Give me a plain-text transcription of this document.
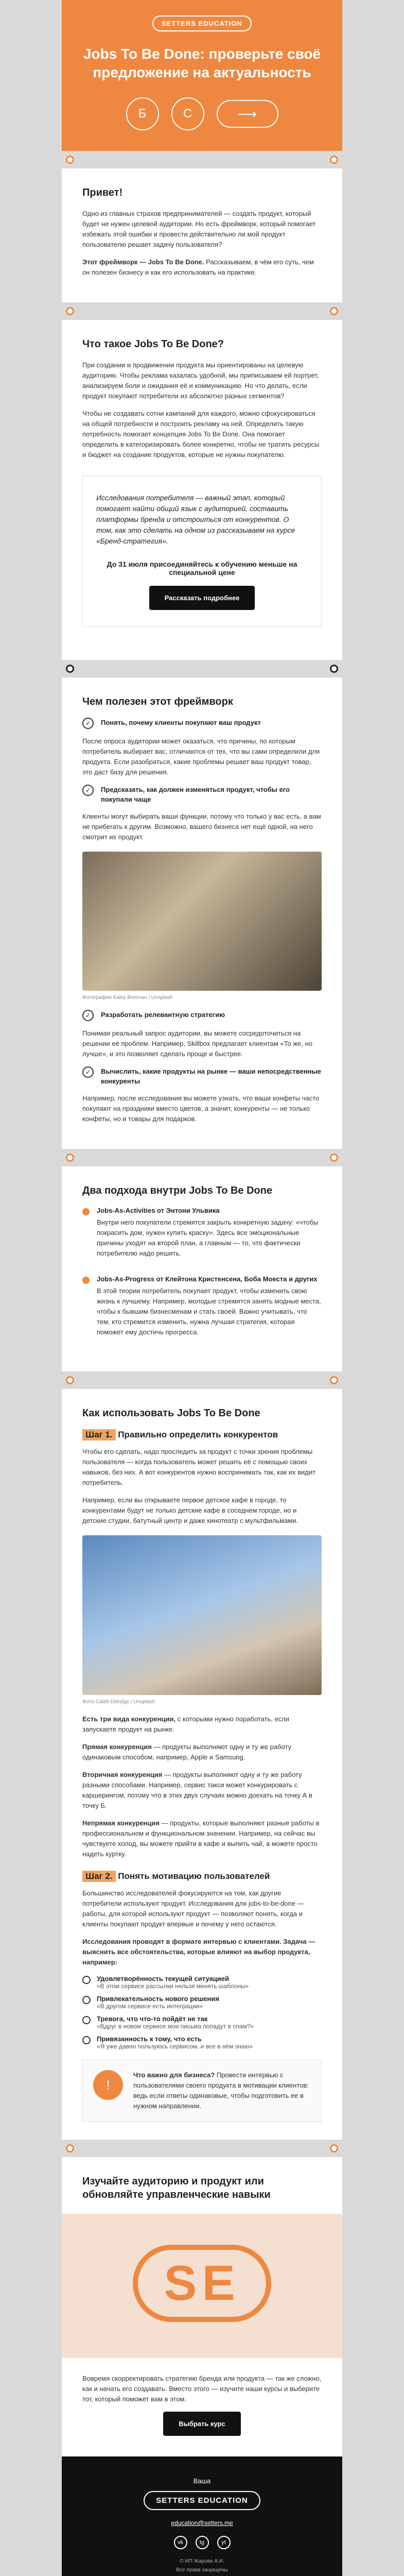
SETTERS EDUCATION
Jobs To Be Done: проверьте своё предложение на актуальность
Б	С	⟶
Привет!

Одно из главных страхов предпринимателей — создать продукт, который будет не нужен целевой аудитории. Но есть фреймворк, который помогает избежать этой ошибки и провести действительно ли мой продукт пользователю решает задачу пользователя?

Этот фреймворк — Jobs To Be Done. Рассказываем, в чём его суть, чем он полезен бизнесу и как его использовать на практике.

Что такое Jobs To Be Done?

При создании и продвижении продукта мы ориентированы на целевую аудиторию. Чтобы реклама казалась удобной, мы приписываем ей портрет, анализируем боли и ожидания её и коммуникацию. Но что делать, если продукт покупают потребители из абсолютно разных сегментов?

Чтобы не создавать сотни кампаний для каждого, можно сфокусироваться на общей потребности и построить рекламу на ней. Определить такую потребность помогает концепция Jobs To Be Done. Она помогает определить в категоризировать более конкретно, чтобы не тратить ресурсы и бюджет на создание продуктов, которые не нужны покупателю.

Исследования потребителя — важный этап, который помогает найти общий язык с аудиторией, составить платформы бренда и отстроиться от конкурентов. О том, как это сделать на одном из рассказываем на курсе «Бренд-стратегия».
До 31 июля присоединяйтесь к обучению меньше на специальной цене
Рассказать подробнее
Чем полезен этот фреймворк
✓	Понять, почему клиенты покупают ваш продукт

После опроса аудитории может оказаться, что причины, по которым потребитель выбирает вас, отличаются от тех, что вы сами определили для продукта. Если разобраться, какие проблемы решает ваш продукт товар, это даст базу для решения.

✓	Предсказать, как должен изменяться продукт, чтобы его покупали чаще

Клиенты могут выбирать ваши функции, потому что только у вас есть, а вам не прибегать к другим. Возможно, вашего бизнеса нет ещё одной, на него смотрит их продукт.

Фотография Kaley Brennan / Unsplash
✓	Разработать релевантную стратегию

Понимая реальный запрос аудитории, вы можете сосредоточиться на решении её проблем. Например, Skillbox предлагает клиентам «То же, но лучше», и это позволяет сделать проще и быстрее.

✓	Вычислить, какие продукты на рынке — ваши непосредственные конкуренты

Например, после исследования вы можете узнать, что ваши конфеты часто покупают на праздники вместо цветов, а значит, конкуренты — не только конфеты, но и товары для подарков.

Два подхода внутри Jobs To Be Done
Jobs-As-Activities от Энтони Ульвика

Внутри него покупатели стремятся закрыть конкретную задачу: «чтобы покрасить дом, нужен купить краску». Здесь все эмоциональные причины уходят на второй план, а главным — то, что фактически потребителю надо решить.

Jobs-As-Progress от Клейтона Кристенсена, Боба Моеста и других

В этой теории потребитель покупает продукт, чтобы изменить свою жизнь к лучшему. Например, молодые стремятся занять модные места, чтобы к бывшим бизнесменам и стать своей. Важно учитывать, что тем, кто стремится изменить, нужна лучшая стратегия, которая поможет ему достичь прогресса.

Как использовать Jobs To Be Done
Шаг 1. Правильно определить конкурентов

Чтобы его сделать, надо проследить за продукт с точки зрения проблемы пользователя — когда пользователь может решить её с помощью своих навыков, без них. А вот конкурентов нужно воспринимать так, как их видит потребитель.

Например, если вы открываете первое детское кафе в городе, то конкурентами будут не только детские кафе в соседнем городе, но и детские студии, батутный центр и даже кинотеатр с мультфильмами.

Фото Caleb Eldridge / Unsplash

Есть три вида конкуренции, с которыми нужно поработать, если запускаете продукт на рынке.

Прямая конкуренция — продукты выполняют одну и ту же работу одинаковым способом, например, Apple и Samsung.

Вторичная конкуренция — продукты выполняют одну и ту же работу разными способами. Например, сервис такси может конкурировать с каршерингом, потому что в этих двух случаях можно доехать на точку А в точку Б.

Непрямая конкуренция — продукты, которые выполняют разные работы в профессиональном и функциональном значении. Например, на сейчас вы чувствуете холод, вы можете прийти в кафе и выпить чай, а можете просто надеть куртку.

Шаг 2. Понять мотивацию пользователей

Большинство исследователей фокусируются на том, как другие потребители используют продукт. Исследования для jobs-to-be-done — работы, для которой используют продукт — позволяют понять, когда и клиенты покупают продукт впервые и почему у него остаются.

Исследования проводят в формате интервью с клиентами. Задача — выяснить все обстоятельства, которые влияют на выбор продукта, например:

Удовлетворённость текущей ситуацией
«В этом сервисе рассылки нельзя менять шаблоны»
Привлекательность нового решения
«В другом сервисе есть интеграции»
Тревога, что что-то пойдёт не так
«Вдруг в новом сервисе мои письма попадут в спам?»
Привязанность к тому, что есть
«Я уже давно пользуюсь сервисом, и все в нём знаю»
!

Что важно для бизнеса? Провести интервью с пользователями своего продукта в мотивации клиентов: ведь если ответы одинаковые, чтобы подготовить ее в нужном направлении.

Изучайте аудиторию и продукт или обновляйте управленческие навыки
SE

Вовремя скорректировать стратегию бренда или продукта — так же сложно, как и начать его создавать. Вместо этого — изучите наши курсы и выберите тот, который поможет вам в этом.

Выбрать курс
Ваша
SETTERS EDUCATION
education@setters.me
vk	tg	yt
© ИП Жарова А.И.
Все права защищены
